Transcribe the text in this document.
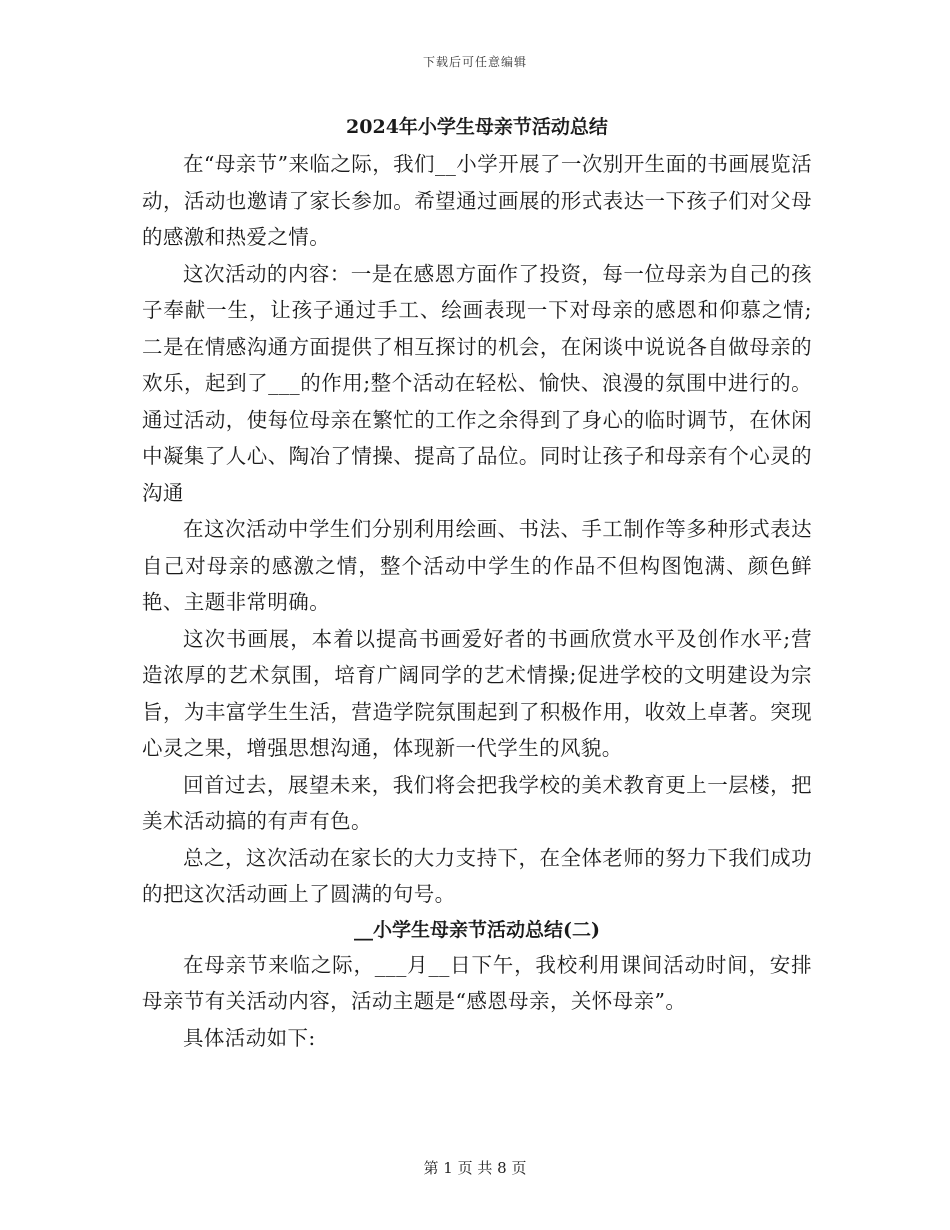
下载后可任意编辑
2024年小学生母亲节活动总结

在“母亲节”来临之际，我们__小学开展了一次别开生面的书画展览活动，活动也邀请了家长参加。希望通过画展的形式表达一下孩子们对父母的感激和热爱之情。

这次活动的内容：一是在感恩方面作了投资，每一位母亲为自己的孩子奉献一生，让孩子通过手工、绘画表现一下对母亲的感恩和仰慕之情;二是在情感沟通方面提供了相互探讨的机会，在闲谈中说说各自做母亲的欢乐，起到了___的作用;整个活动在轻松、愉快、浪漫的氛围中进行的。通过活动，使每位母亲在繁忙的工作之余得到了身心的临时调节，在休闲中凝集了人心、陶冶了情操、提高了品位。同时让孩子和母亲有个心灵的沟通

在这次活动中学生们分别利用绘画、书法、手工制作等多种形式表达自己对母亲的感激之情，整个活动中学生的作品不但构图饱满、颜色鲜艳、主题非常明确。

这次书画展，本着以提高书画爱好者的书画欣赏水平及创作水平;营造浓厚的艺术氛围，培育广阔同学的艺术情操;促进学校的文明建设为宗旨，为丰富学生生活，营造学院氛围起到了积极作用，收效上卓著。突现心灵之果，增强思想沟通，体现新一代学生的风貌。

回首过去，展望未来，我们将会把我学校的美术教育更上一层楼，把美术活动搞的有声有色。

总之，这次活动在家长的大力支持下，在全体老师的努力下我们成功的把这次活动画上了圆满的句号。

__小学生母亲节活动总结(二)

在母亲节来临之际，___月__日下午，我校利用课间活动时间，安排母亲节有关活动内容，活动主题是“感恩母亲，关怀母亲”。

具体活动如下:

第 1 页 共 8 页
